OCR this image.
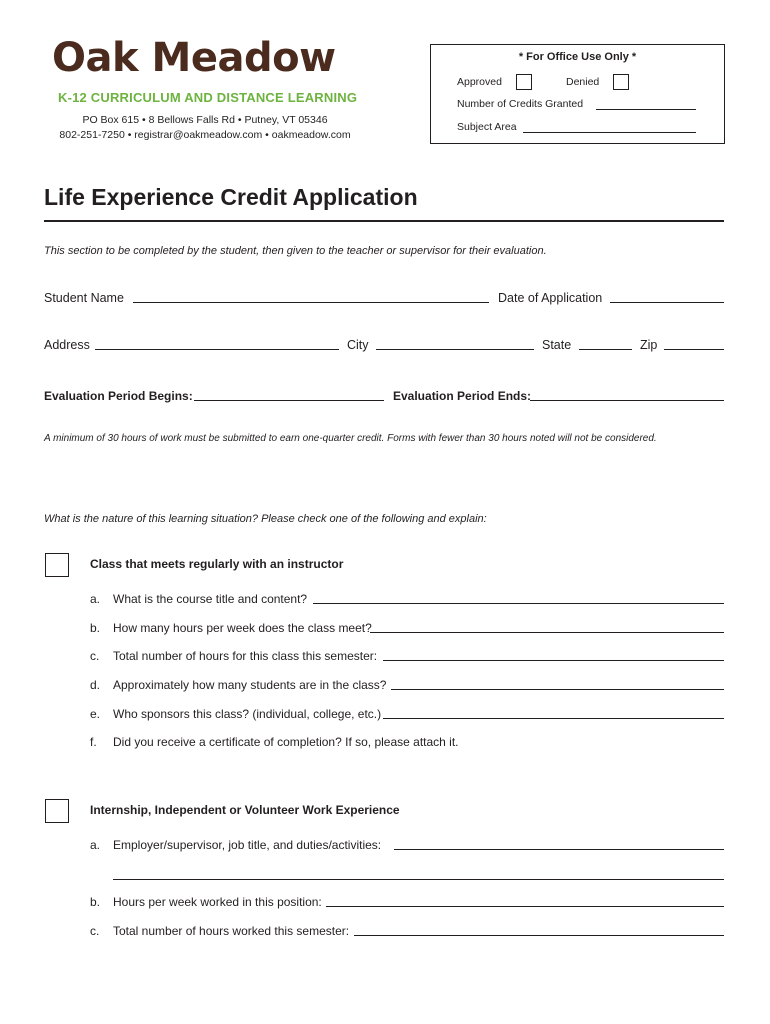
Oak Meadow
K-12 CURRICULUM AND DISTANCE LEARNING
PO Box 615 • 8 Bellows Falls Rd • Putney, VT 05346
802-251-7250 • registrar@oakmeadow.com • oakmeadow.com
* For Office Use Only *
Approved	Denied
Number of Credits Granted
Subject Area
Life Experience Credit Application
This section to be completed by the student, then given to the teacher or supervisor for their evaluation.
Student Name	Date of Application
Address	City	State	Zip
Evaluation Period Begins:	Evaluation Period Ends:
A minimum of 30 hours of work must be submitted to earn one-quarter credit. Forms with fewer than 30 hours noted will not be considered.
What is the nature of this learning situation? Please check one of the following and explain:
Class that meets regularly with an instructor
a. What is the course title and content?
b. How many hours per week does the class meet?
c. Total number of hours for this class this semester:
d. Approximately how many students are in the class?
e. Who sponsors this class? (individual, college, etc.)
f. Did you receive a certificate of completion? If so, please attach it.
Internship, Independent or Volunteer Work Experience
a. Employer/supervisor, job title, and duties/activities:
b. Hours per week worked in this position:
c. Total number of hours worked this semester:
